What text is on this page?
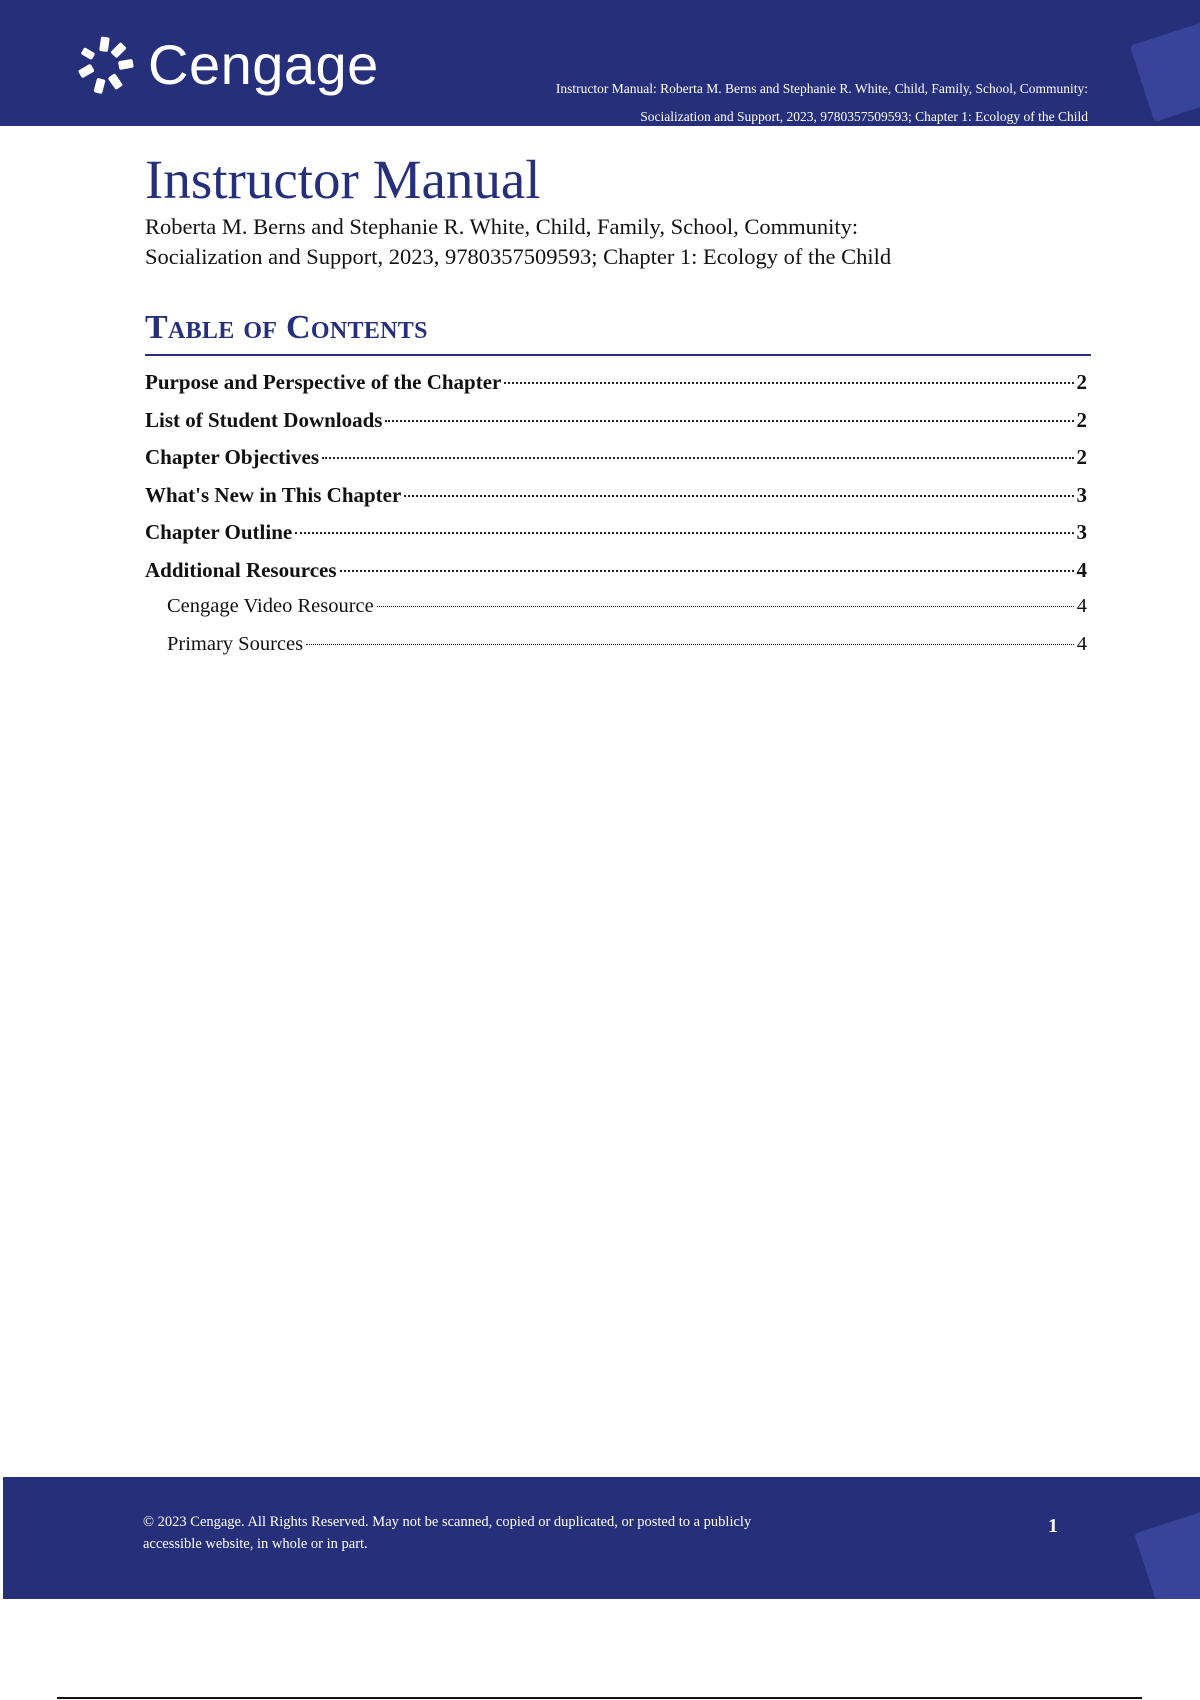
Cengage	Instructor Manual: Roberta M. Berns and Stephanie R. White, Child, Family, School, Community:
Socialization and Support, 2023, 9780357509593; Chapter 1: Ecology of the Child
Instructor Manual
Roberta M. Berns and Stephanie R. White, Child, Family, School, Community:
Socialization and Support, 2023, 9780357509593; Chapter 1: Ecology of the Child
Table of Contents
Purpose and Perspective of the Chapter	2
List of Student Downloads	2
Chapter Objectives	2
What's New in This Chapter	3
Chapter Outline	3
Additional Resources	4
Cengage Video Resource	4
Primary Sources	4
© 2023 Cengage. All Rights Reserved. May not be scanned, copied or duplicated, or posted to a publicly
accessible website, in whole or in part.
1
